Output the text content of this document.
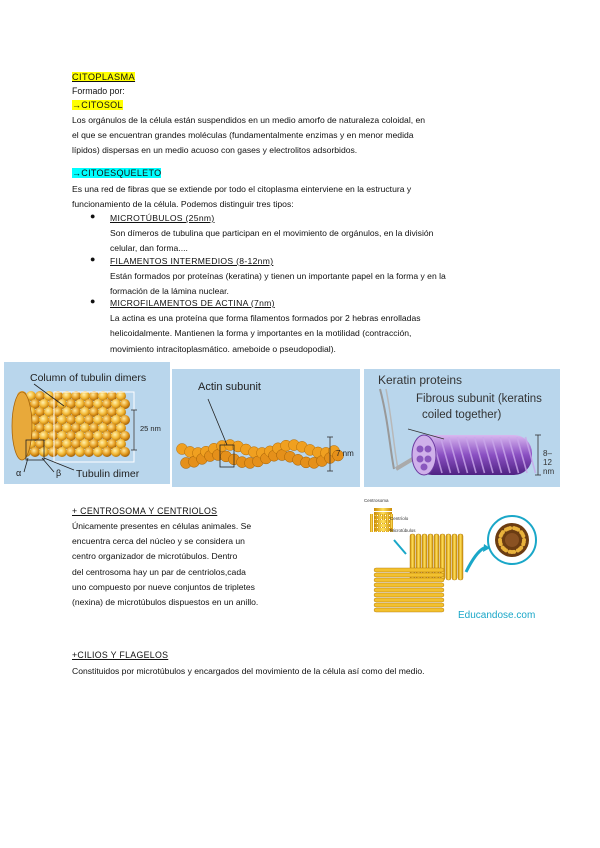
CITOPLASMA
Formado por:
→CITOSOL

Los orgánulos de la célula están suspendidos en un medio amorfo de naturaleza coloidal, en

el que se encuentran grandes moléculas (fundamentalmente enzimas y en menor medida

lípidos) dispersas en un medio acuoso con gases y electrolitos adsorbidos.

→CITOESQUELETO

Es una red de fibras que se extiende por todo el citoplasma einterviene en la estructura y

funcionamiento de la célula. Podemos distinguir tres tipos:

● MICROTÚBULOS (25nm)

Son dímeros de tubulina que participan en el movimiento de orgánulos, en la división

celular, dan forma....

● FILAMENTOS INTERMEDIOS (8-12nm)

Están formados por proteínas (keratina) y tienen un importante papel en la forma y en la

formación de la lámina nuclear.

● MICROFILAMENTOS DE ACTINA (7nm)

La actina es una proteína que forma filamentos formados por 2 hebras enrolladas

helicoidalmente. Mantienen la forma y importantes en la motilidad (contracción,

movimiento intracitoplasmático. ameboide o pseudopodial).

Column of tubulin dimers
25 nm
α	β Tubulin dimer
Actin subunit
7 nm
Keratin proteins
Fibrous subunit (keratins
coiled together)
8–12 nm
+ CENTROSOMA Y CENTRIOLOS

Únicamente presentes en células animales. Se

encuentra cerca del núcleo y se considera un

centro organizador de microtúbulos. Dentro

del centrosoma hay un par de centriolos,cada

uno compuesto por nueve conjuntos de tripletes

(nexina) de microtúbulos dispuestos en un anillo.

Centrosoma
Centríolo
Microtúbulos
Educandose.com
+CILIOS Y FLAGELOS

Constituidos por microtúbulos y encargados del movimiento de la célula así como del medio.
